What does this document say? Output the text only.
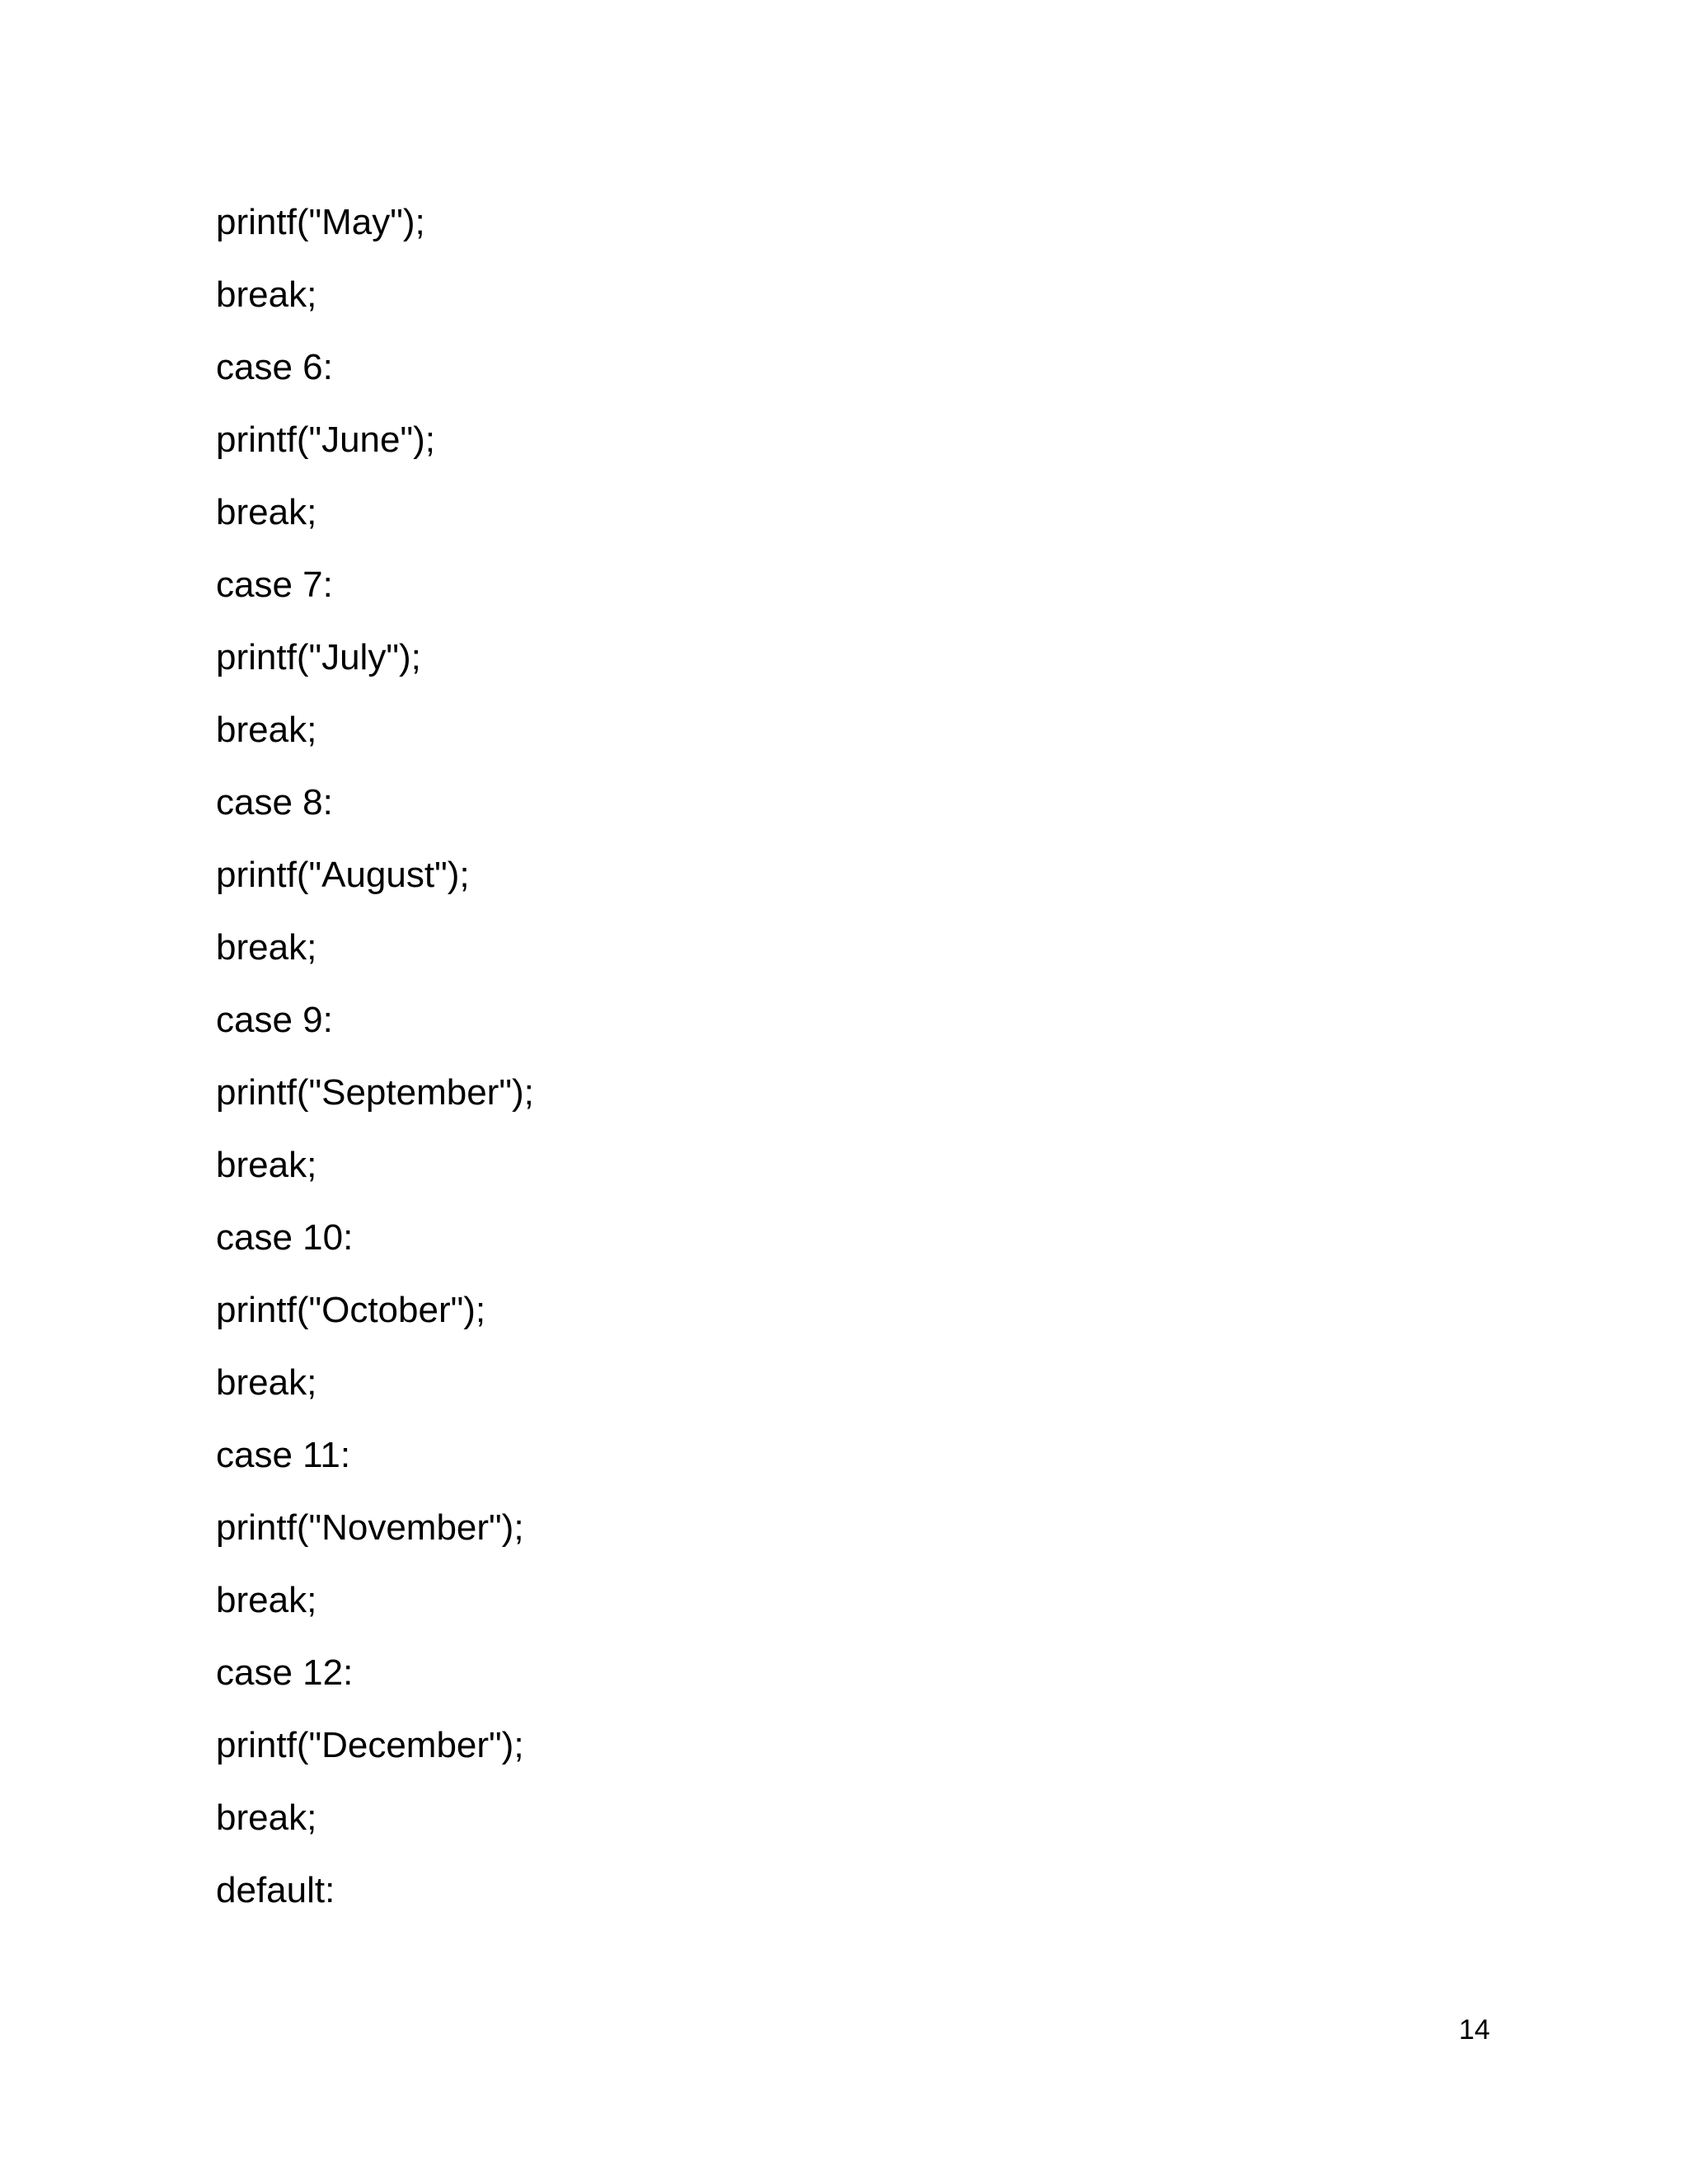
printf("May");
break;
case 6:
printf("June");
break;
case 7:
printf("July");
break;
case 8:
printf("August");
break;
case 9:
printf("September");
break;
case 10:
printf("October");
break;
case 11:
printf("November");
break;
case 12:
printf("December");
break;
default:
14
